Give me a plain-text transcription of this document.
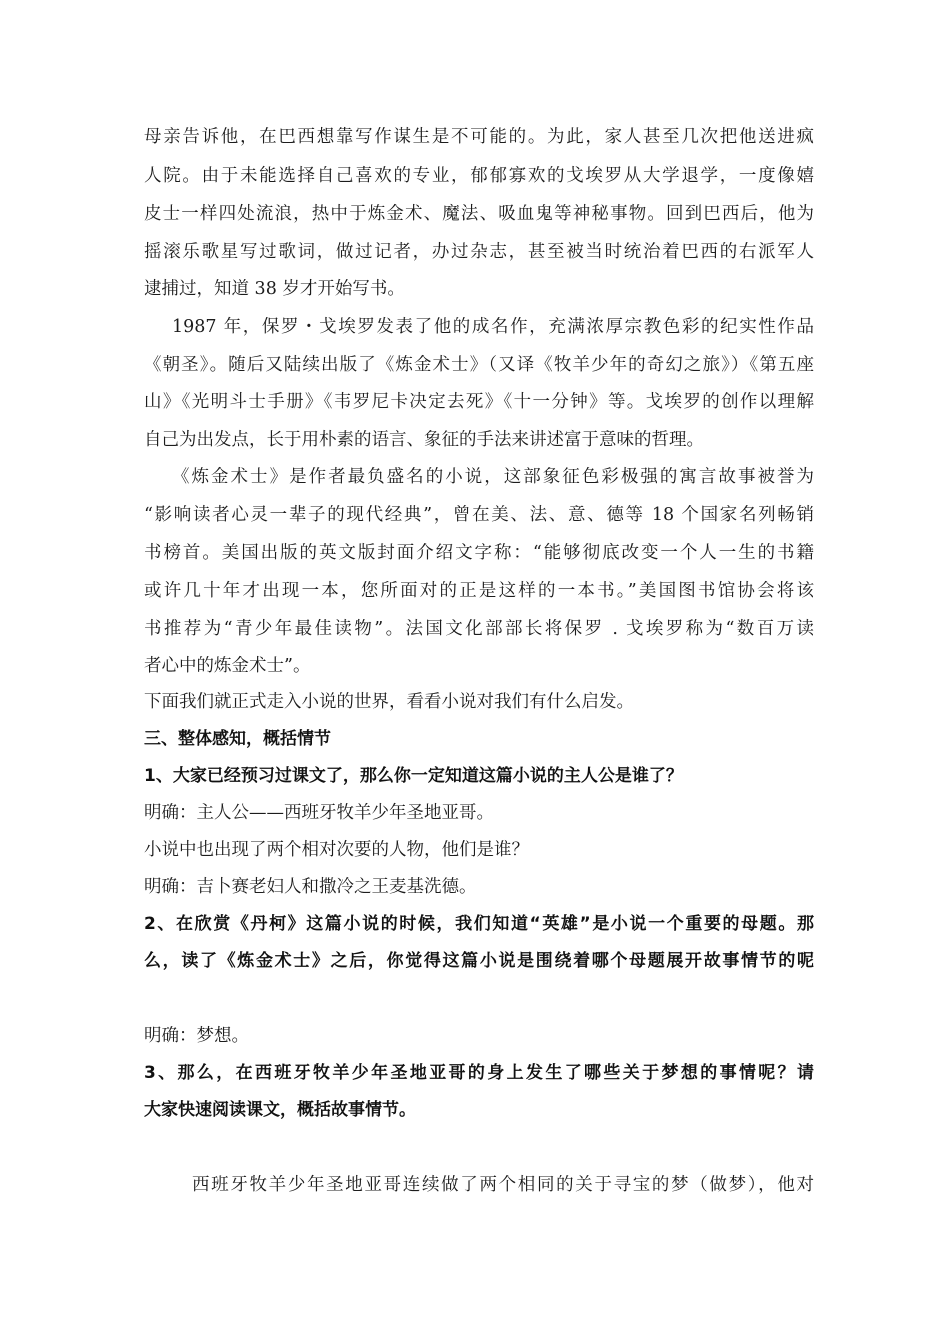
母亲告诉他，在巴西想靠写作谋生是不可能的。为此，家人甚至几次把他送进疯

人院。由于未能选择自己喜欢的专业，郁郁寡欢的戈埃罗从大学退学，一度像嬉

皮士一样四处流浪，热中于炼金术、魔法、吸血鬼等神秘事物。回到巴西后，他为

摇滚乐歌星写过歌词，做过记者，办过杂志，甚至被当时统治着巴西的右派军人

逮捕过，知道 38 岁才开始写书。

1987 年，保罗・戈埃罗发表了他的成名作，充满浓厚宗教色彩的纪实性作品

《朝圣》。随后又陆续出版了《炼金术士》（又译《牧羊少年的奇幻之旅》）《第五座

山》《光明斗士手册》《韦罗尼卡决定去死》《十一分钟》等。戈埃罗的创作以理解

自己为出发点，长于用朴素的语言、象征的手法来讲述富于意味的哲理。

《炼金术士》是作者最负盛名的小说，这部象征色彩极强的寓言故事被誉为

“影响读者心灵一辈子的现代经典”，曾在美、法、意、德等 18 个国家名列畅销

书榜首。美国出版的英文版封面介绍文字称：“能够彻底改变一个人一生的书籍

或许几十年才出现一本，您所面对的正是这样的一本书。”美国图书馆协会将该

书推荐为“青少年最佳读物”。法国文化部部长将保罗 . 戈埃罗称为“数百万读

者心中的炼金术士”。

下面我们就正式走入小说的世界，看看小说对我们有什么启发。

三、整体感知，概括情节

1、大家已经预习过课文了，那么你一定知道这篇小说的主人公是谁了？

明确：主人公——西班牙牧羊少年圣地亚哥。

小说中也出现了两个相对次要的人物，他们是谁？

明确：吉卜赛老妇人和撒冷之王麦基洗德。

2、在欣赏《丹柯》这篇小说的时候，我们知道“英雄”是小说一个重要的母题。那

么，读了《炼金术士》之后，你觉得这篇小说是围绕着哪个母题展开故事情节的呢

明确：梦想。

3、那么，在西班牙牧羊少年圣地亚哥的身上发生了哪些关于梦想的事情呢？请

大家快速阅读课文，概括故事情节。

西班牙牧羊少年圣地亚哥连续做了两个相同的关于寻宝的梦（做梦），他对
